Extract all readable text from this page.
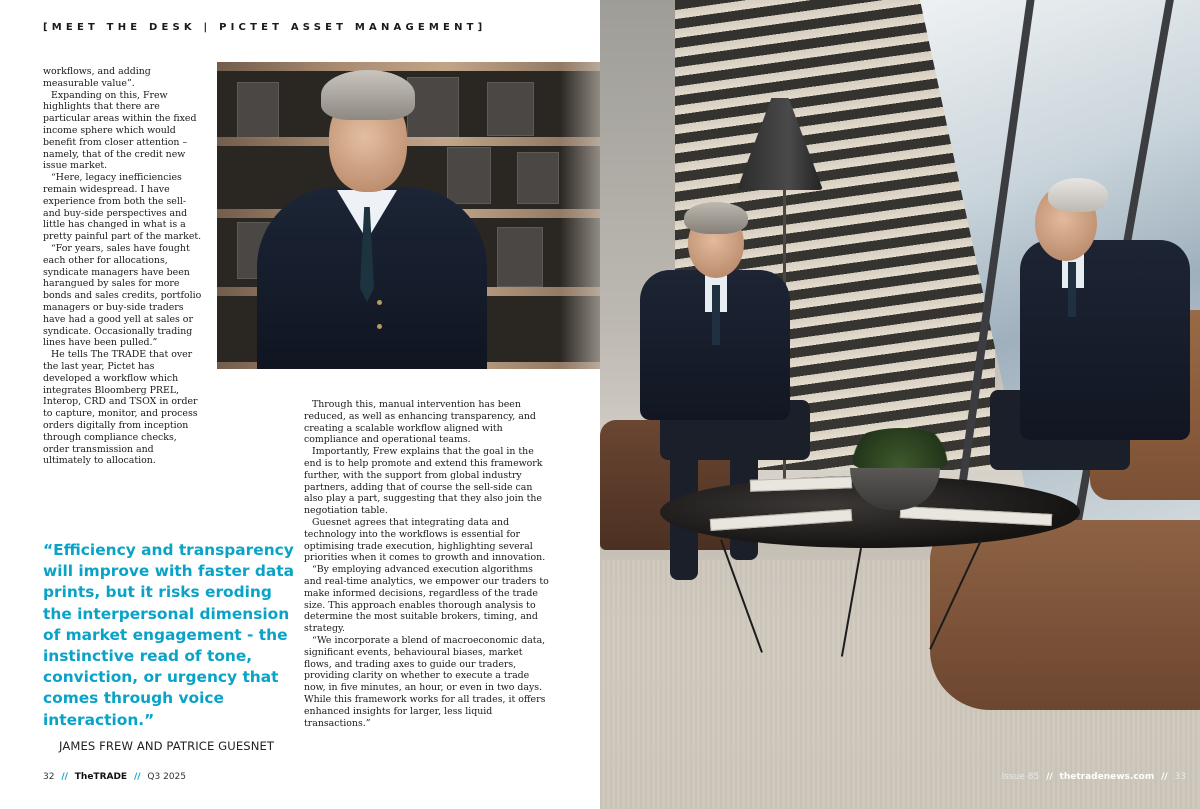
[MEET THE DESK | PICTET ASSET MANAGEMENT]

workflows, and adding measurable value”.

Expanding on this, Frew highlights that there are particular areas within the fixed income sphere which would benefit from closer attention – namely, that of the credit new issue market.

“Here, legacy inefficiencies remain widespread. I have experience from both the sell- and buy-side perspectives and little has changed in what is a pretty painful part of the market.

“For years, sales have fought each other for allocations, syndicate managers have been harangued by sales for more bonds and sales credits, portfolio managers or buy-side traders have had a good yell at sales or syndicate. Occasionally trading lines have been pulled.”

He tells The TRADE that over the last year, Pictet has developed a workflow which integrates Bloomberg PREL, Interop, CRD and TSOX in order to capture, monitor, and process orders digitally from inception through compliance checks, order transmission and ultimately to allocation.

Through this, manual intervention has been reduced, as well as enhancing transparency, and creating a scalable workflow aligned with compliance and operational teams.

Importantly, Frew explains that the goal in the end is to help promote and extend this framework further, with the support from global industry partners, adding that of course the sell-side can also play a part, suggesting that they also join the negotiation table.

Guesnet agrees that integrating data and technology into the workflows is essential for optimising trade execution, highlighting several priorities when it comes to growth and innovation.

“By employing advanced execution algorithms and real-time analytics, we empower our traders to make informed decisions, regardless of the trade size. This approach enables thorough analysis to determine the most suitable brokers, timing, and strategy.

“We incorporate a blend of macroeconomic data, significant events, behavioural biases, market flows, and trading axes to guide our traders, providing clarity on whether to execute a trade now, in five minutes, an hour, or even in two days. While this framework works for all trades, it offers enhanced insights for larger, less liquid transactions.”

“Efficiency and transparency will improve with faster data prints, but it risks eroding the interpersonal dimension of market engagement - the instinctive read of tone, conviction, or urgency that comes through voice interaction.”
JAMES FREW AND PATRICE GUESNET
32 // TheTRADE // Q3 2025	Issue 85 // thetradenews.com // 33
